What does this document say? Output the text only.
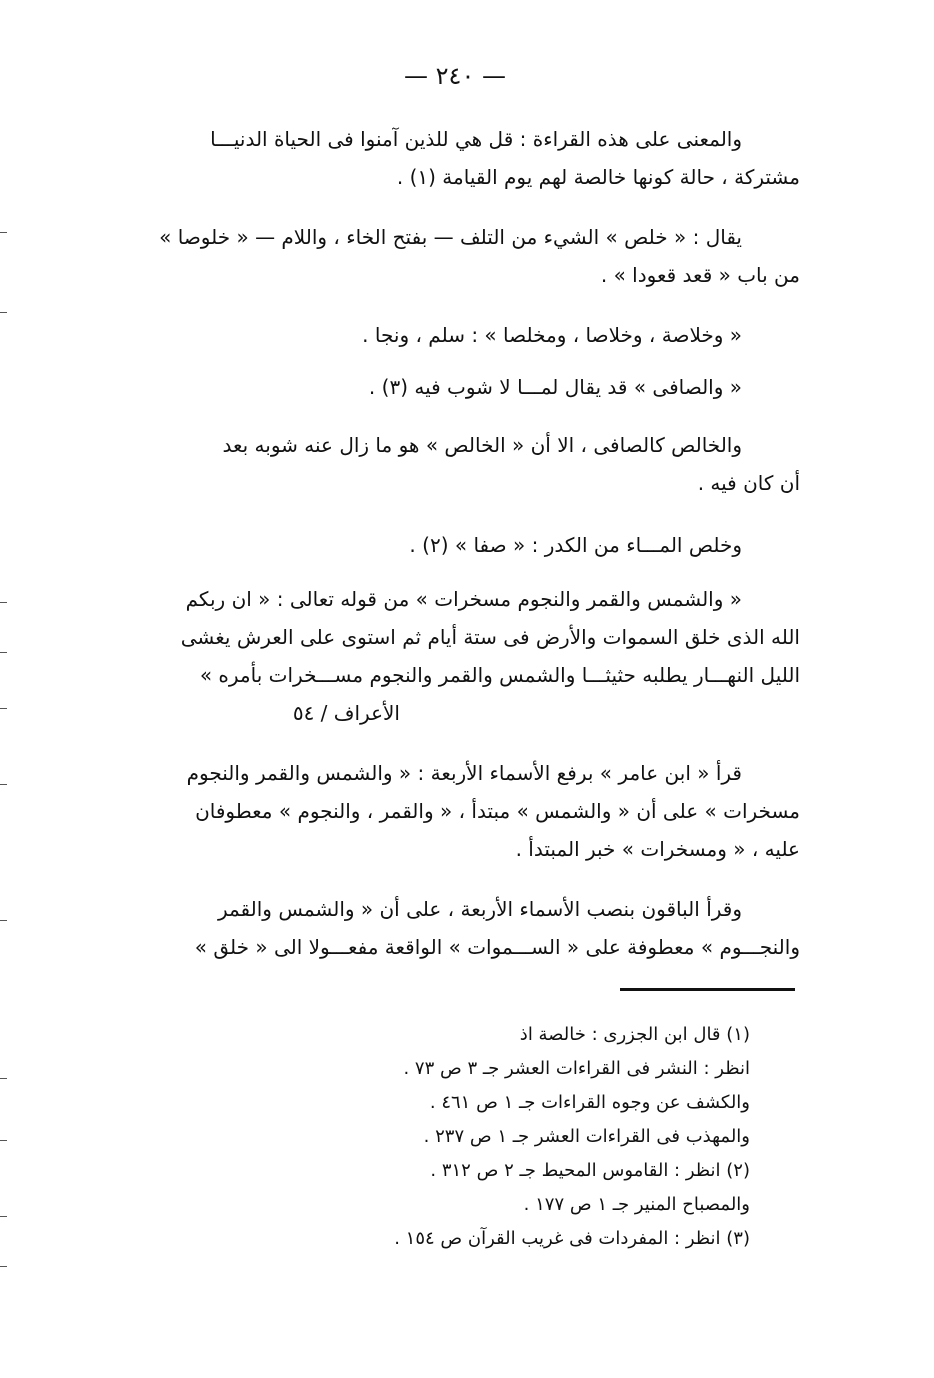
— ٢٤٠ —
والمعنى على هذه القراءة : قل هي للذين آمنوا فى الحياة الدنيـــا
مشتركة ، حالة كونها خالصة لهم يوم القيامة (١) .
يقال : « خلص » الشيء من التلف — بفتح الخاء ، واللام — « خلوصا »
من باب « قعد قعودا » .
« وخلاصة ، وخلاصا ، ومخلصا » : سلم ، ونجا .
« والصافى » قد يقال لمـــا لا شوب فيه (٣) .
والخالص كالصافى ، الا أن « الخالص » هو ما زال عنه شوبه بعد
أن كان فيه .
وخلص المـــاء من الكدر : « صفا » (٢) .
« والشمس والقمر والنجوم مسخرات » من قوله تعالى : « ان ربكم
الله الذى خلق السموات والأرض فى ستة أيام ثم استوى على العرش يغشى
الليل النهـــار يطلبه حثيثـــا والشمس والقمر والنجوم مســـخرات بأمره »
الأعراف / ٥٤
قرأ « ابن عامر » برفع الأسماء الأربعة : « والشمس والقمر والنجوم
مسخرات » على أن « والشمس » مبتدأ ، « والقمر ، والنجوم » معطوفان
عليه ، « ومسخرات » خبر المبتدأ .
وقرأ الباقون بنصب الأسماء الأربعة ، على أن « والشمس والقمر
والنجـــوم » معطوفة على « الســـموات » الواقعة مفعـــولا الى « خلق »
(١) قال ابن الجزرى : خالصة اذ
انظر : النشر فى القراءات العشر جـ ٣ ص ٧٣ .
والكشف عن وجوه القراءات جـ ١ ص ٤٦١ .
والمهذب فى القراءات العشر جـ ١ ص ٢٣٧ .
(٢) انظر : القاموس المحيط جـ ٢ ص ٣١٢ .
والمصباح المنير جـ ١ ص ١٧٧ .
(٣) انظر : المفردات فى غريب القرآن ص ١٥٤ .
